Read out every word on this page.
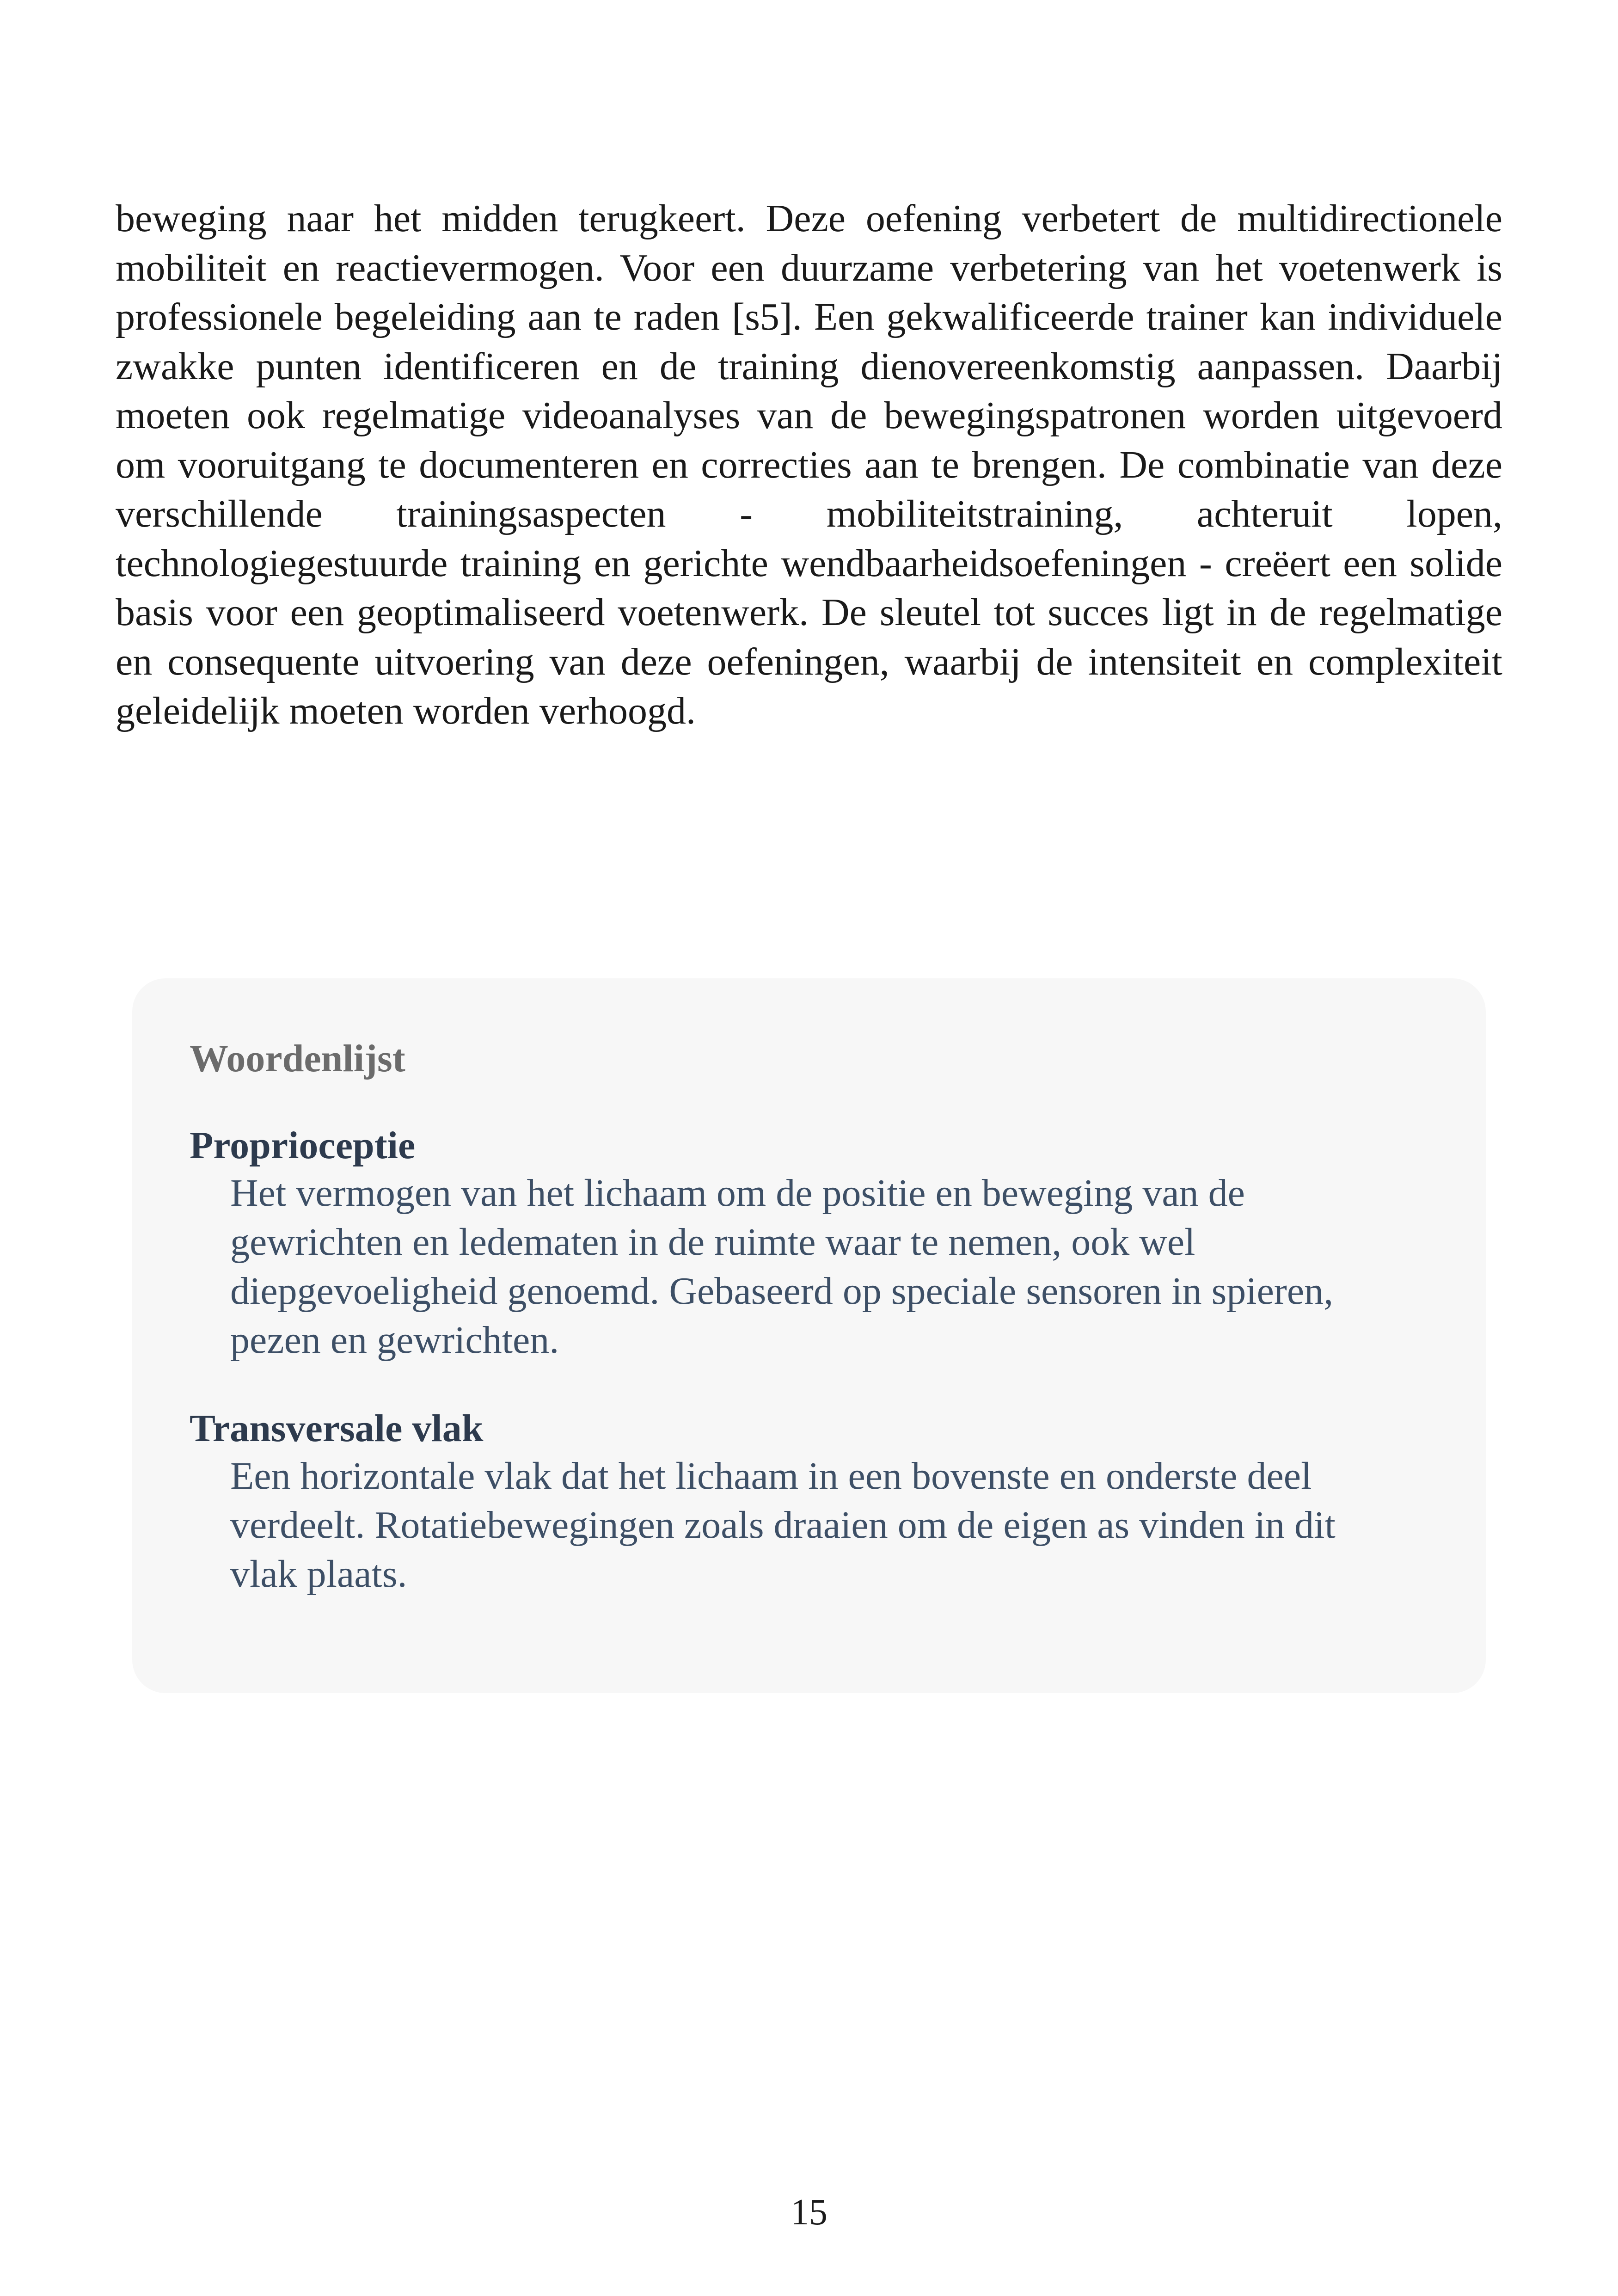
beweging naar het midden terugkeert. Deze oefening verbetert de multidirectionele mobiliteit en reactievermogen. Voor een duurzame verbetering van het voetenwerk is professionele begeleiding aan te raden [s5]. Een gekwalificeerde trainer kan individuele zwakke punten identificeren en de training dienovereenkomstig aanpassen. Daarbij moeten ook regelmatige videoanalyses van de bewegingspatronen worden uitgevoerd om vooruitgang te documenteren en correcties aan te brengen. De combinatie van deze verschillende trainingsaspecten - mobiliteitstraining, achteruit lopen, technologiegestuurde training en gerichte wendbaarheidsoefeningen - creëert een solide basis voor een geoptimaliseerd voetenwerk. De sleutel tot succes ligt in de regelmatige en consequente uitvoering van deze oefeningen, waarbij de intensiteit en complexiteit geleidelijk moeten worden verhoogd.

Woordenlijst
Proprioceptie

Het vermogen van het lichaam om de positie en beweging van de gewrichten en ledematen in de ruimte waar te nemen, ook wel diepgevoeligheid genoemd. Gebaseerd op speciale sensoren in spieren, pezen en gewrichten.

Transversale vlak

Een horizontale vlak dat het lichaam in een bovenste en onderste deel verdeelt. Rotatiebewegingen zoals draaien om de eigen as vinden in dit vlak plaats.

15
